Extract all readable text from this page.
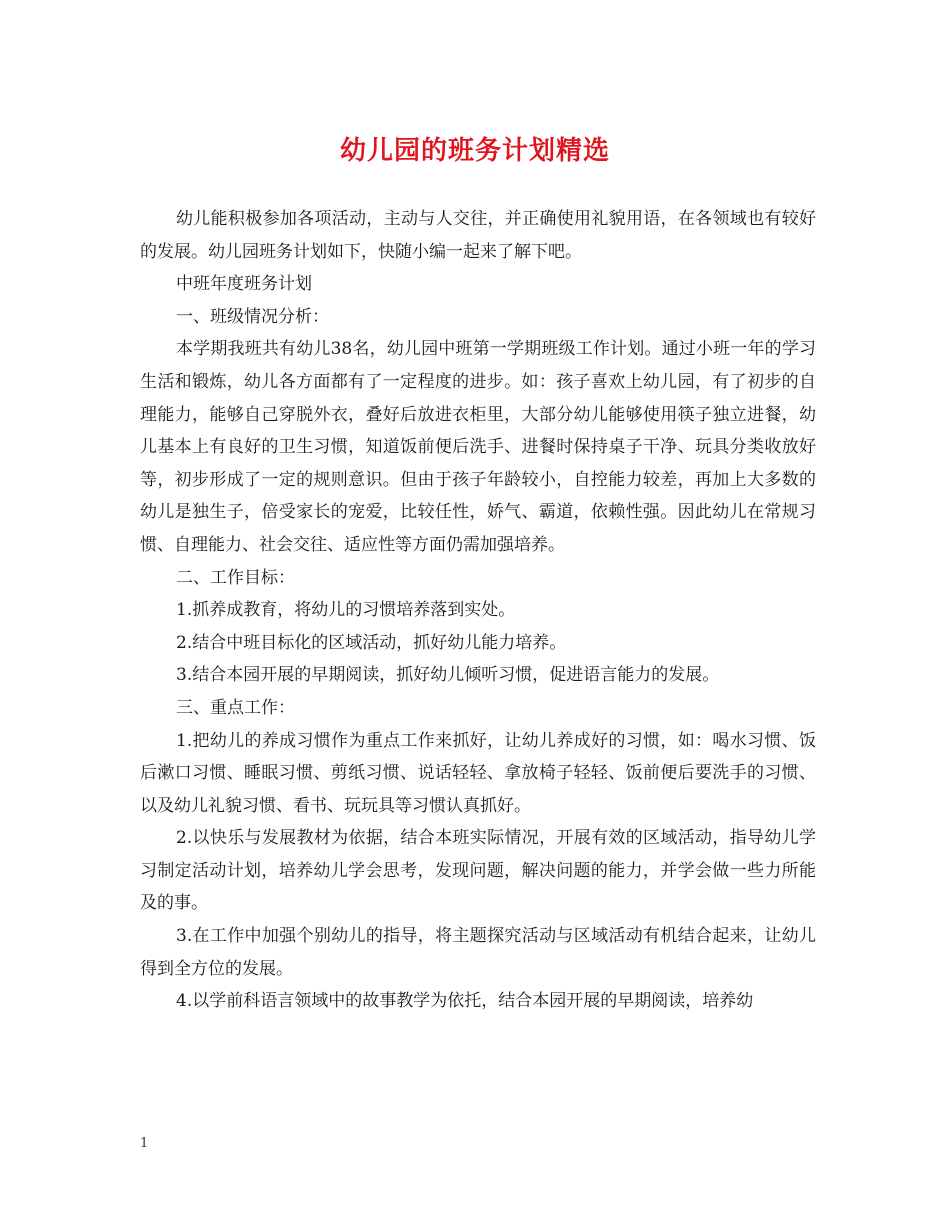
幼儿园的班务计划精选

幼儿能积极参加各项活动，主动与人交往，并正确使用礼貌用语，在各领域也有较好的发展。幼儿园班务计划如下，快随小编一起来了解下吧。

中班年度班务计划

一、班级情况分析：

本学期我班共有幼儿38名，幼儿园中班第一学期班级工作计划。通过小班一年的学习生活和锻炼，幼儿各方面都有了一定程度的进步。如：孩子喜欢上幼儿园，有了初步的自理能力，能够自己穿脱外衣，叠好后放进衣柜里，大部分幼儿能够使用筷子独立进餐，幼儿基本上有良好的卫生习惯，知道饭前便后洗手、进餐时保持桌子干净、玩具分类收放好等，初步形成了一定的规则意识。但由于孩子年龄较小，自控能力较差，再加上大多数的幼儿是独生子，倍受家长的宠爱，比较任性，娇气、霸道，依赖性强。因此幼儿在常规习惯、自理能力、社会交往、适应性等方面仍需加强培养。

二、工作目标：

1.抓养成教育，将幼儿的习惯培养落到实处。

2.结合中班目标化的区域活动，抓好幼儿能力培养。

3.结合本园开展的早期阅读，抓好幼儿倾听习惯，促进语言能力的发展。

三、重点工作：

1.把幼儿的养成习惯作为重点工作来抓好，让幼儿养成好的习惯，如：喝水习惯、饭后漱口习惯、睡眠习惯、剪纸习惯、说话轻轻、拿放椅子轻轻、饭前便后要洗手的习惯、以及幼儿礼貌习惯、看书、玩玩具等习惯认真抓好。

2.以快乐与发展教材为依据，结合本班实际情况，开展有效的区域活动，指导幼儿学习制定活动计划，培养幼儿学会思考，发现问题，解决问题的能力，并学会做一些力所能及的事。

3.在工作中加强个别幼儿的指导，将主题探究活动与区域活动有机结合起来，让幼儿得到全方位的发展。

4.以学前科语言领域中的故事教学为依托，结合本园开展的早期阅读，培养幼

1
